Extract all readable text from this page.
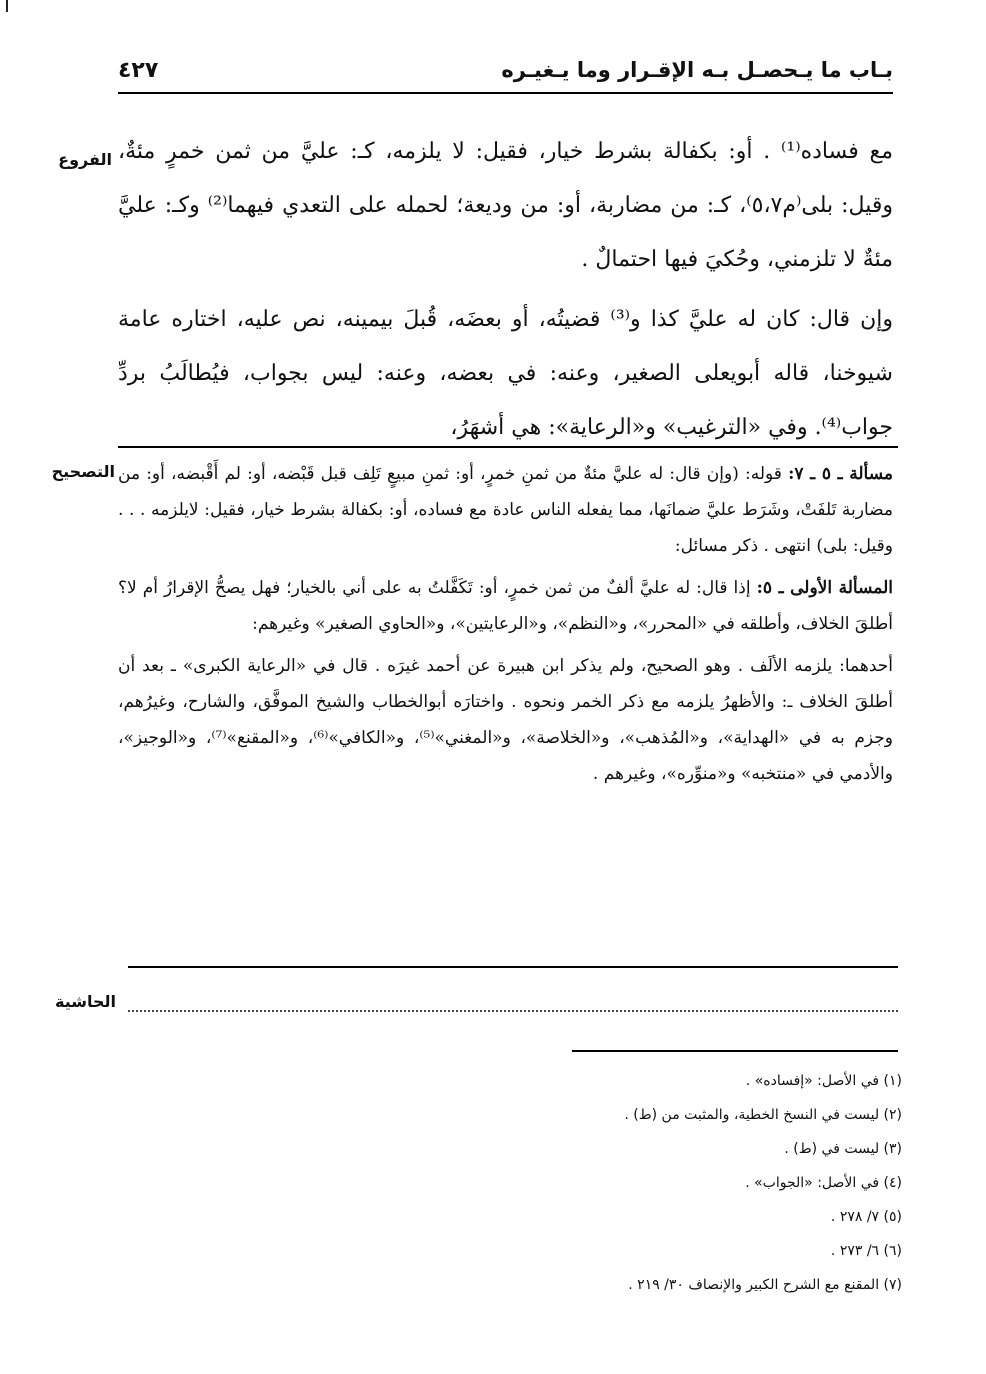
بـاب ما يـحصـل بـه الإقـرار وما يـغيـره
٤٢٧
الفروع مع فساده⁽¹⁾ . أو: بكفالة بشرط خيار، فقيل: لا يلزمه، كـ: عليَّ من ثمن خمرٍ مئةٌ، وقيل: بلى⁽م٥،٧⁾، كـ: من مضاربة، أو: من وديعة؛ لحمله على التعدي فيهما⁽²⁾ وكـ: عليَّ مئةٌ لا تلزمني، وحُكيَ فيها احتمالٌ .

وإن قال: كان له عليَّ كذا و⁽³⁾ قضيتُه، أو بعضَه، قُبلَ بيمينه، نص عليه، اختاره عامة شيوخنا، قاله أبويعلى الصغير، وعنه: في بعضه، وعنه: ليس بجواب، فيُطالَبُ بردِّ جواب⁽⁴⁾. وفي «الترغيب» و«الرعاية»: هي أشهَرُ،

التصحيح	مسألة ـ ٥ ـ ٧: قوله: (وإن قال: له عليَّ مئةٌ من ثمنِ خمرٍ، أو: ثمنِ مبيعٍ تَلِف قبل قَبْضه، أو: لم أَقْبضه، أو: من مضاربة تَلفَتْ، وشَرَط عليَّ ضمانَها، مما يفعله الناس عادة مع فساده، أو: بكفالة بشرط خيار، فقيل: لايلزمه . . . وقيل: بلى) انتهى . ذكر مسائل:

المسألة الأولى ـ ٥: إذا قال: له عليَّ ألفٌ من ثمن خمرٍ، أو: تَكَفَّلتُ به على أني بالخيار؛ فهل يصحُّ الإقرارُ أم لا؟ أطلقَ الخلاف، وأطلقه في «المحرر»، و«النظم»، و«الرعايتين»، و«الحاوي الصغير» وغيرهم:

أحدهما: يلزمه الألَف . وهو الصحيح، ولم يذكر ابن هبيرة عن أحمد غيرَه . قال في «الرعاية الكبرى» ـ بعد أن أطلقَ الخلاف ـ: والأظهرُ يلزمه مع ذكر الخمر ونحوه . واختارَه أبوالخطاب والشيخ الموفَّق، والشارح، وغيرُهم، وجزم به في «الهداية»، و«المُذهب»، و«الخلاصة»، و«المغني»⁽⁵⁾، و«الكافي»⁽⁶⁾، و«المقنع»⁽⁷⁾، و«الوجيز»، والأدمي في «منتخبه» و«منوِّره»، وغيرهم .

الحاشية
(١) في الأصل: «إفساده» .
(٢) ليست في النسخ الخطية، والمثبت من (ط) .
(٣) ليست في (ط) .
(٤) في الأصل: «الجواب» .
(٥) ٧/ ٢٧٨ .
(٦) ٦/ ٢٧٣ .
(٧) المقنع مع الشرح الكبير والإنصاف ٣٠/ ٢١٩ .
